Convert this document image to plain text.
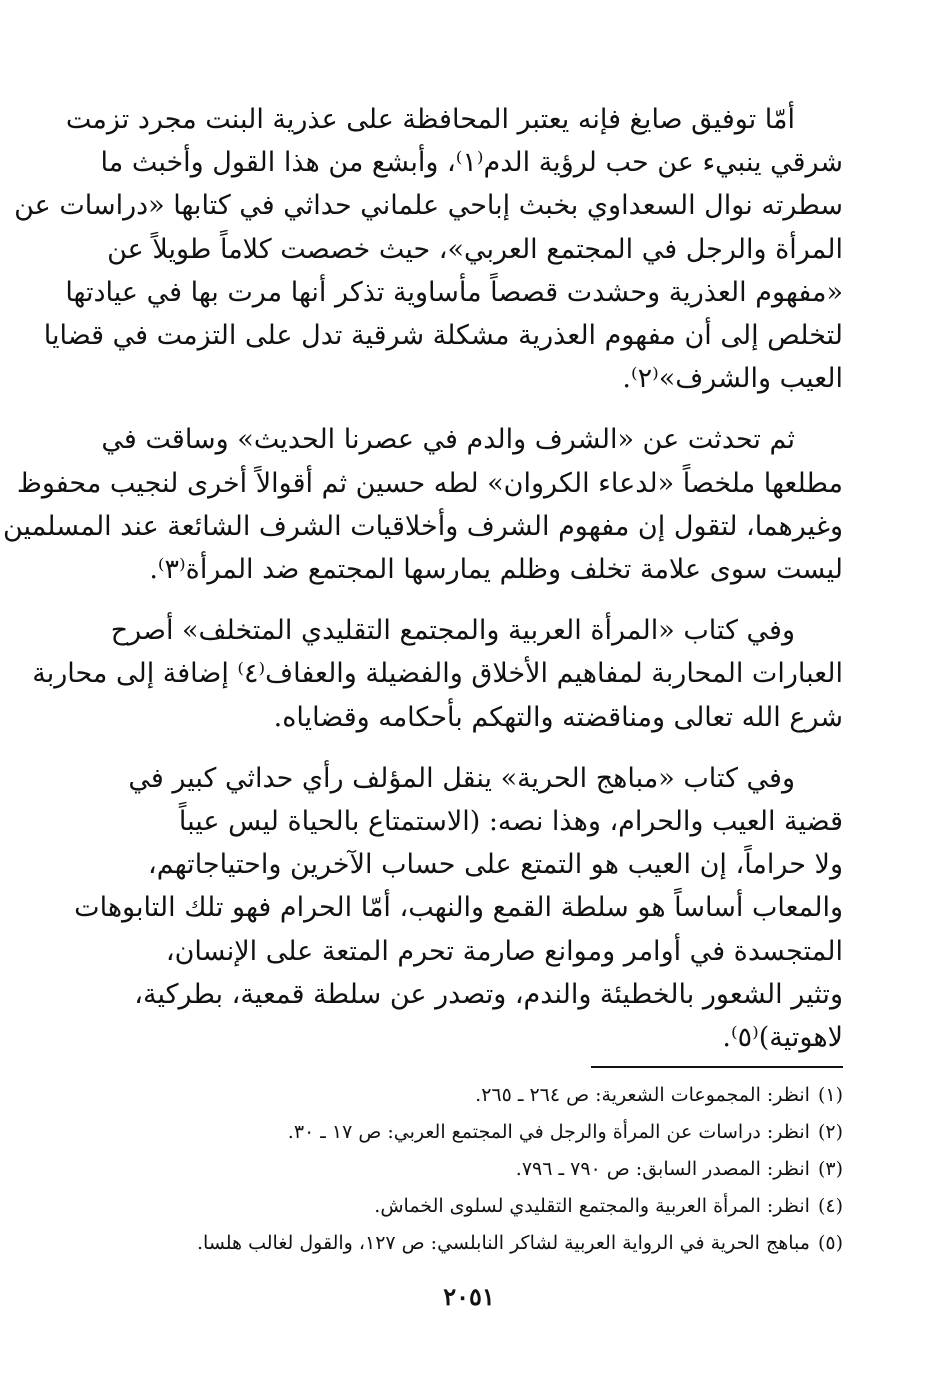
أمّا توفيق صايغ فإنه يعتبر المحافظة على عذرية البنت مجرد تزمت
شرقي ينبيء عن حب لرؤية الدم⁽١⁾، وأبشع من هذا القول وأخبث ما
سطرته نوال السعداوي بخبث إباحي علماني حداثي في كتابها «دراسات عن
المرأة والرجل في المجتمع العربي»، حيث خصصت كلاماً طويلاً عن
«مفهوم العذرية وحشدت قصصاً مأساوية تذكر أنها مرت بها في عيادتها
لتخلص إلى أن مفهوم العذرية مشكلة شرقية تدل على التزمت في قضايا
العيب والشرف»⁽٢⁾.
ثم تحدثت عن «الشرف والدم في عصرنا الحديث» وساقت في
مطلعها ملخصاً «لدعاء الكروان» لطه حسين ثم أقوالاً أخرى لنجيب محفوظ
وغيرهما، لتقول إن مفهوم الشرف وأخلاقيات الشرف الشائعة عند المسلمين
ليست سوى علامة تخلف وظلم يمارسها المجتمع ضد المرأة⁽٣⁾.
وفي كتاب «المرأة العربية والمجتمع التقليدي المتخلف» أصرح
العبارات المحاربة لمفاهيم الأخلاق والفضيلة والعفاف⁽٤⁾ إضافة إلى محاربة
شرع الله تعالى ومناقضته والتهكم بأحكامه وقضاياه.
وفي كتاب «مباهج الحرية» ينقل المؤلف رأي حداثي كبير في
قضية العيب والحرام، وهذا نصه: (الاستمتاع بالحياة ليس عيباً
ولا حراماً، إن العيب هو التمتع على حساب الآخرين واحتياجاتهم،
والمعاب أساساً هو سلطة القمع والنهب، أمّا الحرام فهو تلك التابوهات
المتجسدة في أوامر وموانع صارمة تحرم المتعة على الإنسان،
وتثير الشعور بالخطيئة والندم، وتصدر عن سلطة قمعية، بطركية،
لاهوتية)⁽٥⁾.
(١)انظر: المجموعات الشعرية: ص ٢٦٤ ـ ٢٦٥.
(٢)انظر: دراسات عن المرأة والرجل في المجتمع العربي: ص ١٧ ـ ٣٠.
(٣)انظر: المصدر السابق: ص ٧٩٠ ـ ٧٩٦.
(٤)انظر: المرأة العربية والمجتمع التقليدي لسلوى الخماش.
(٥)مباهج الحرية في الرواية العربية لشاكر النابلسي: ص ١٢٧، والقول لغالب هلسا.
٢٠٥١
